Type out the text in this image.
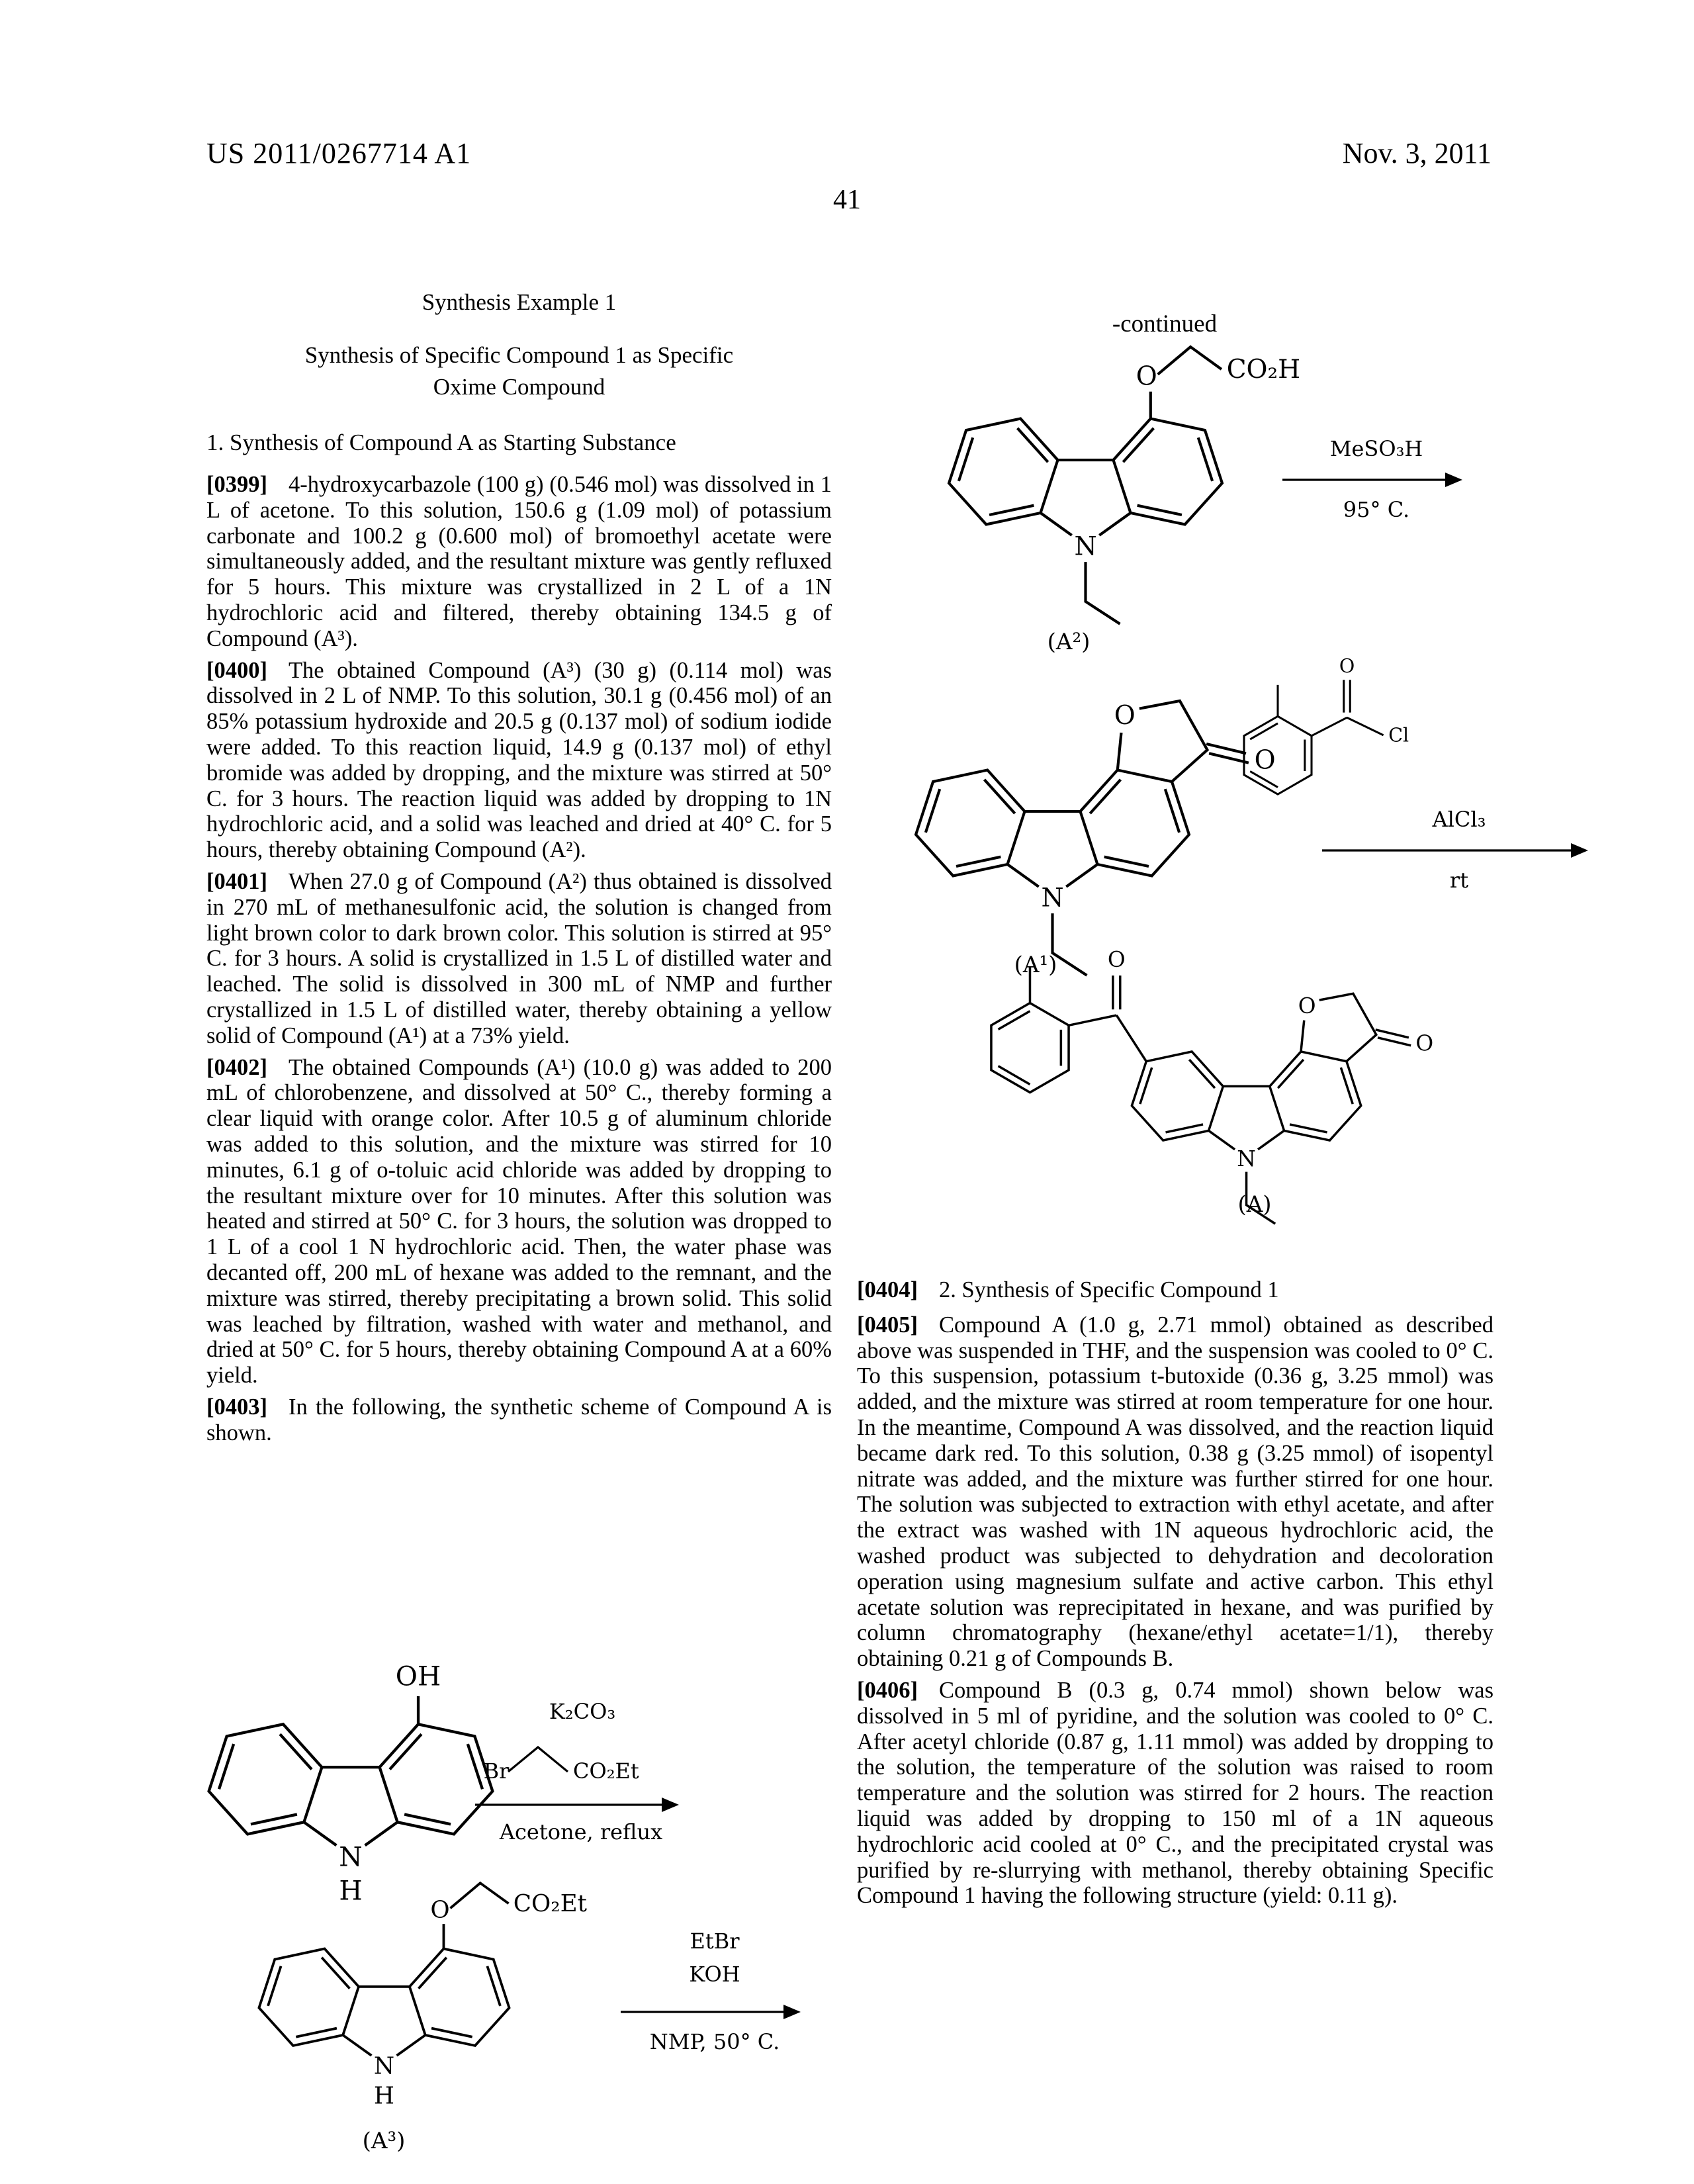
US 2011/0267714 A1	Nov. 3, 2011
41
Synthesis Example 1
Synthesis of Specific Compound 1 as Specific
Oxime Compound
1. Synthesis of Compound A as Starting Substance
[0399] 4-hydroxycarbazole (100 g) (0.546 mol) was dissolved in 1 L of acetone. To this solution, 150.6 g (1.09 mol) of potassium carbonate and 100.2 g (0.600 mol) of bromoethyl acetate were simultaneously added, and the resultant mixture was gently refluxed for 5 hours. This mixture was crystallized in 2 L of a 1N hydrochloric acid and filtered, thereby obtaining 134.5 g of Compound (A³).
[0400] The obtained Compound (A³) (30 g) (0.114 mol) was dissolved in 2 L of NMP. To this solution, 30.1 g (0.456 mol) of an 85% potassium hydroxide and 20.5 g (0.137 mol) of sodium iodide were added. To this reaction liquid, 14.9 g (0.137 mol) of ethyl bromide was added by dropping, and the mixture was stirred at 50° C. for 3 hours. The reaction liquid was added by dropping to 1N hydrochloric acid, and a solid was leached and dried at 40° C. for 5 hours, thereby obtaining Compound (A²).
[0401] When 27.0 g of Compound (A²) thus obtained is dissolved in 270 mL of methanesulfonic acid, the solution is changed from light brown color to dark brown color. This solution is stirred at 95° C. for 3 hours. A solid is crystallized in 1.5 L of distilled water and leached. The solid is dissolved in 300 mL of NMP and further crystallized in 1.5 L of distilled water, thereby obtaining a yellow solid of Compound (A¹) at a 73% yield.
[0402] The obtained Compounds (A¹) (10.0 g) was added to 200 mL of chlorobenzene, and dissolved at 50° C., thereby forming a clear liquid with orange color. After 10.5 g of aluminum chloride was added to this solution, and the mixture was stirred for 10 minutes, 6.1 g of o-toluic acid chloride was added by dropping to the resultant mixture over for 10 minutes. After this solution was heated and stirred at 50° C. for 3 hours, the solution was dropped to 1 L of a cool 1 N hydrochloric acid. Then, the water phase was decanted off, 200 mL of hexane was added to the remnant, and the mixture was stirred, thereby precipitating a brown solid. This solid was leached by filtration, washed with water and methanol, and dried at 50° C. for 5 hours, thereby obtaining Compound A at a 60% yield.
[0403] In the following, the synthetic scheme of Compound A is shown.
[0404] 2. Synthesis of Specific Compound 1
[0405] Compound A (1.0 g, 2.71 mmol) obtained as described above was suspended in THF, and the suspension was cooled to 0° C. To this suspension, potassium t-butoxide (0.36 g, 3.25 mmol) was added, and the mixture was stirred at room temperature for one hour. In the meantime, Compound A was dissolved, and the reaction liquid became dark red. To this solution, 0.38 g (3.25 mmol) of isopentyl nitrate was added, and the mixture was further stirred for one hour. The solution was subjected to extraction with ethyl acetate, and after the extract was washed with 1N aqueous hydrochloric acid, the washed product was subjected to dehydration and decoloration operation using magnesium sulfate and active carbon. This ethyl acetate solution was reprecipitated in hexane, and was purified by column chromatography (hexane/ethyl acetate=1/1), thereby obtaining 0.21 g of Compounds B.
[0406] Compound B (0.3 g, 0.74 mmol) shown below was dissolved in 5 ml of pyridine, and the solution was cooled to 0° C. After acetyl chloride (0.87 g, 1.11 mmol) was added by dropping to the solution, the temperature of the solution was raised to room temperature and the solution was stirred for 2 hours. The reaction liquid was added by dropping to 150 ml of a 1N aqueous hydrochloric acid cooled at 0° C., and the precipitated crystal was purified by re-slurrying with methanol, thereby obtaining Specific Compound 1 having the following structure (yield: 0.11 g).
-continued
OH
N
H
K₂CO₃
Br	CO₂Et
Acetone, reflux
O	CO₂Et
N
H
EtBr
KOH
NMP, 50° C.
(A³)
O	CO₂H
N
MeSO₃H
95° C.
(A²)
O
Cl
O
O
N
AlCl₃
rt
(A¹)	O
O
O
N
(A)
